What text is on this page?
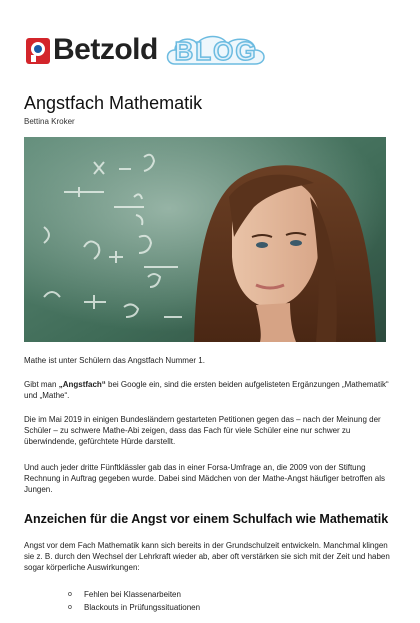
Betzold BLOG
Angstfach Mathematik
Bettina Kroker

Mathe ist unter Schülern das Angstfach Nummer 1.

Gibt man „Angstfach“ bei Google ein, sind die ersten beiden aufgelisteten Ergänzungen „Mathematik“ und „Mathe“.

Die im Mai 2019 in einigen Bundesländern gestarteten Petitionen gegen das – nach der Meinung der Schüler – zu schwere Mathe-Abi zeigen, dass das Fach für viele Schüler eine nur schwer zu überwindende, gefürchtete Hürde darstellt.

Und auch jeder dritte Fünftklässler gab das in einer Forsa-Umfrage an, die 2009 von der Stiftung Rechnung in Auftrag gegeben wurde. Dabei sind Mädchen von der Mathe-Angst häufiger betroffen als Jungen.

Anzeichen für die Angst vor einem Schulfach wie Mathematik

Angst vor dem Fach Mathematik kann sich bereits in der Grundschulzeit entwickeln. Manchmal klingen sie z. B. durch den Wechsel der Lehrkraft wieder ab, aber oft verstärken sie sich mit der Zeit und haben sogar körperliche Auswirkungen:

o Fehlen bei Klassenarbeiten
o Blackouts in Prüfungssituationen
